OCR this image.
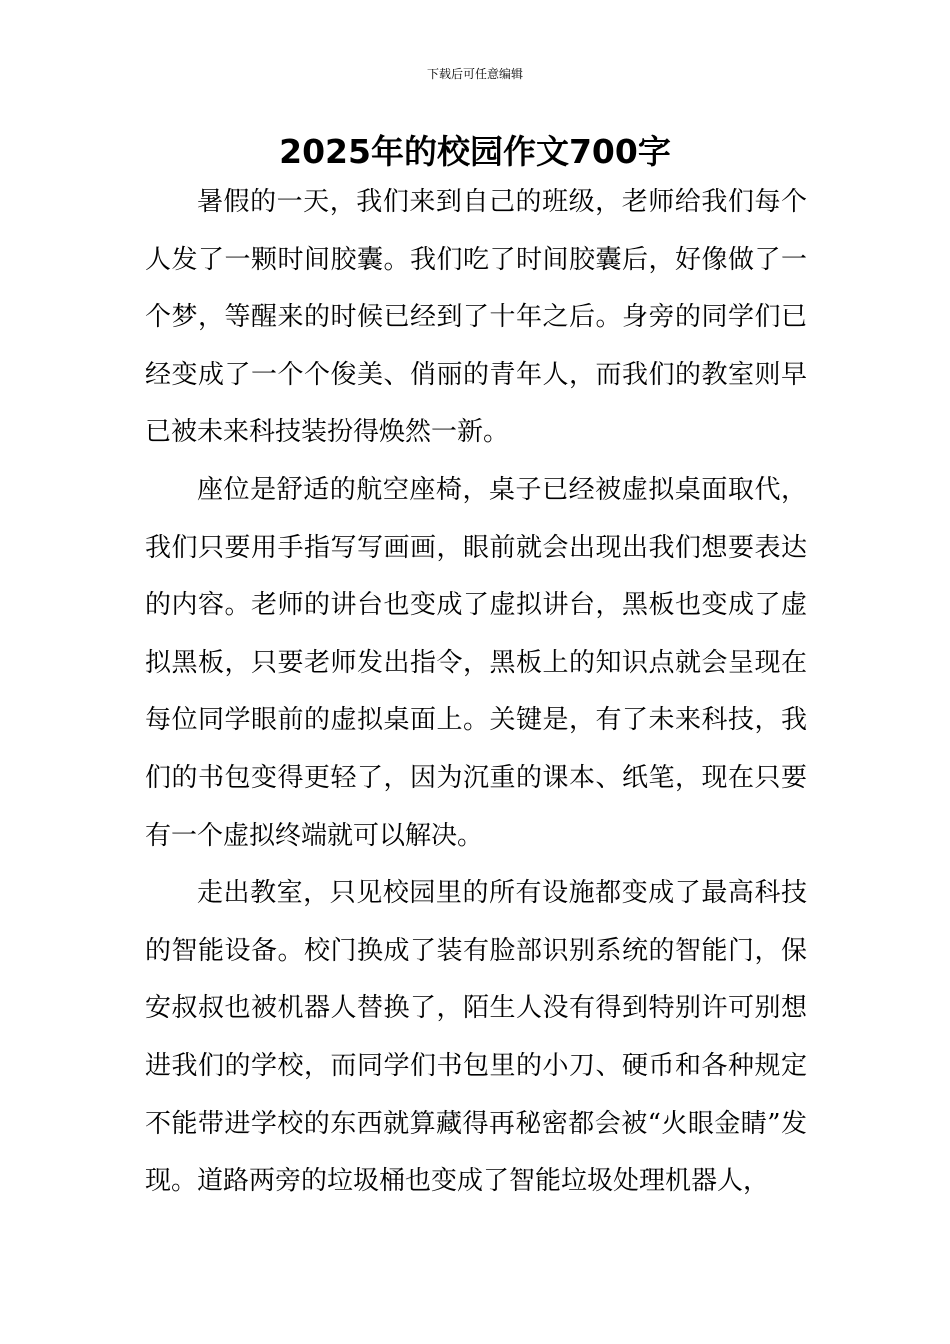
下载后可任意编辑
2025年的校园作文700字

暑假的一天，我们来到自己的班级，老师给我们每个人发了一颗时间胶囊。我们吃了时间胶囊后，好像做了一个梦，等醒来的时候已经到了十年之后。身旁的同学们已经变成了一个个俊美、俏丽的青年人，而我们的教室则早已被未来科技装扮得焕然一新。

座位是舒适的航空座椅，桌子已经被虚拟桌面取代，我们只要用手指写写画画，眼前就会出现出我们想要表达的内容。老师的讲台也变成了虚拟讲台，黑板也变成了虚拟黑板，只要老师发出指令，黑板上的知识点就会呈现在每位同学眼前的虚拟桌面上。关键是，有了未来科技，我们的书包变得更轻了，因为沉重的课本、纸笔，现在只要有一个虚拟终端就可以解决。

走出教室，只见校园里的所有设施都变成了最高科技的智能设备。校门换成了装有脸部识别系统的智能门，保安叔叔也被机器人替换了，陌生人没有得到特别许可别想进我们的学校，而同学们书包里的小刀、硬币和各种规定不能带进学校的东西就算藏得再秘密都会被“火眼金睛”发现。道路两旁的垃圾桶也变成了智能垃圾处理机器人，
